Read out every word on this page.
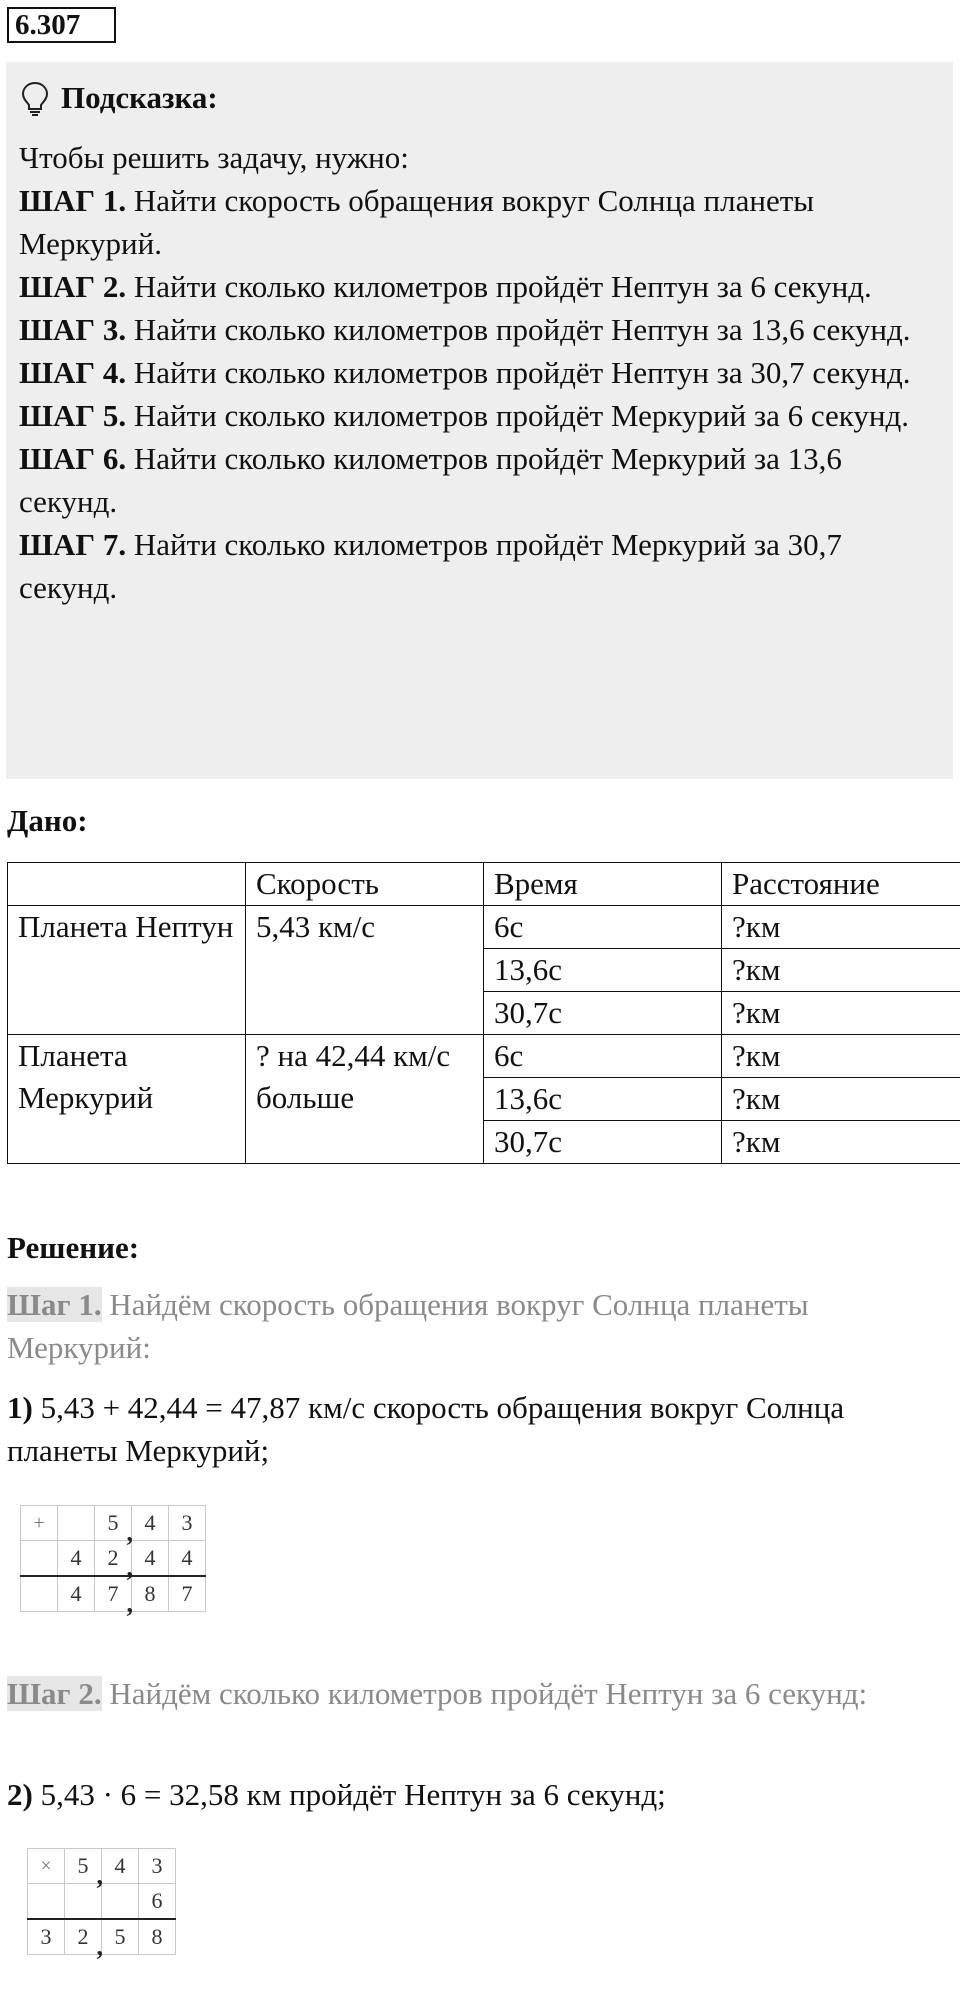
6.307
Подсказка:

Чтобы решить задачу, нужно:

ШАГ 1. Найти скорость обращения вокруг Солнца планеты Меркурий.

ШАГ 2. Найти сколько километров пройдёт Нептун за 6 секунд.

ШАГ 3. Найти сколько километров пройдёт Нептун за 13,6 секунд.

ШАГ 4. Найти сколько километров пройдёт Нептун за 30,7 секунд.

ШАГ 5. Найти сколько километров пройдёт Меркурий за 6 секунд.

ШАГ 6. Найти сколько километров пройдёт Меркурий за 13,6 секунд.

ШАГ 7. Найти сколько километров пройдёт Меркурий за 30,7 секунд.

Дано:
	Скорость	Время	Расстояние
Планета Нептун	5,43 км/с	6с	?км
		13,6с	?км
		30,7с	?км
Планета Меркурий	? на 42,44 км/с больше	6с	?км
		13,6с	?км
		30,7с	?км
Решение:
Шаг 1. Найдём скорость обращения вокруг Солнца планеты Меркурий:
1) 5,43 + 42,44 = 47,87 км/с скорость обращения вокруг Солнца планеты Меркурий;
+		5 ,	4	3
	4	2 ,	4	4
	4	7 ,	8	7
Шаг 2. Найдём сколько километров пройдёт Нептун за 6 секунд:
2) 5,43 · 6 = 32,58 км пройдёт Нептун за 6 секунд;
×	5 ,	4	3
			6
3	2 ,	5	8
